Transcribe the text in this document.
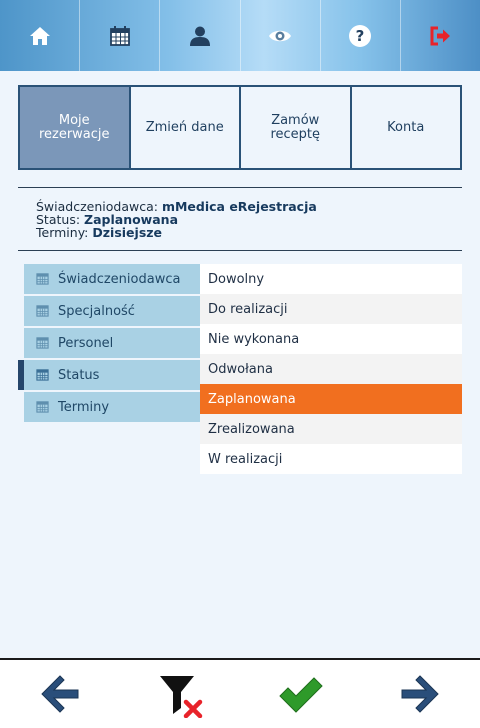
?
Moje rezerwacje	Zmień dane	Zamów receptę	Konta
Świadczeniodawca: mMedica eRejestracja
Status: Zaplanowana
Terminy: Dzisiejsze
Świadczeniodawca
Specjalność
Personel
Status
Terminy
Dowolny
Do realizacji
Nie wykonana
Odwołana
Zaplanowana
Zrealizowana
W realizacji
